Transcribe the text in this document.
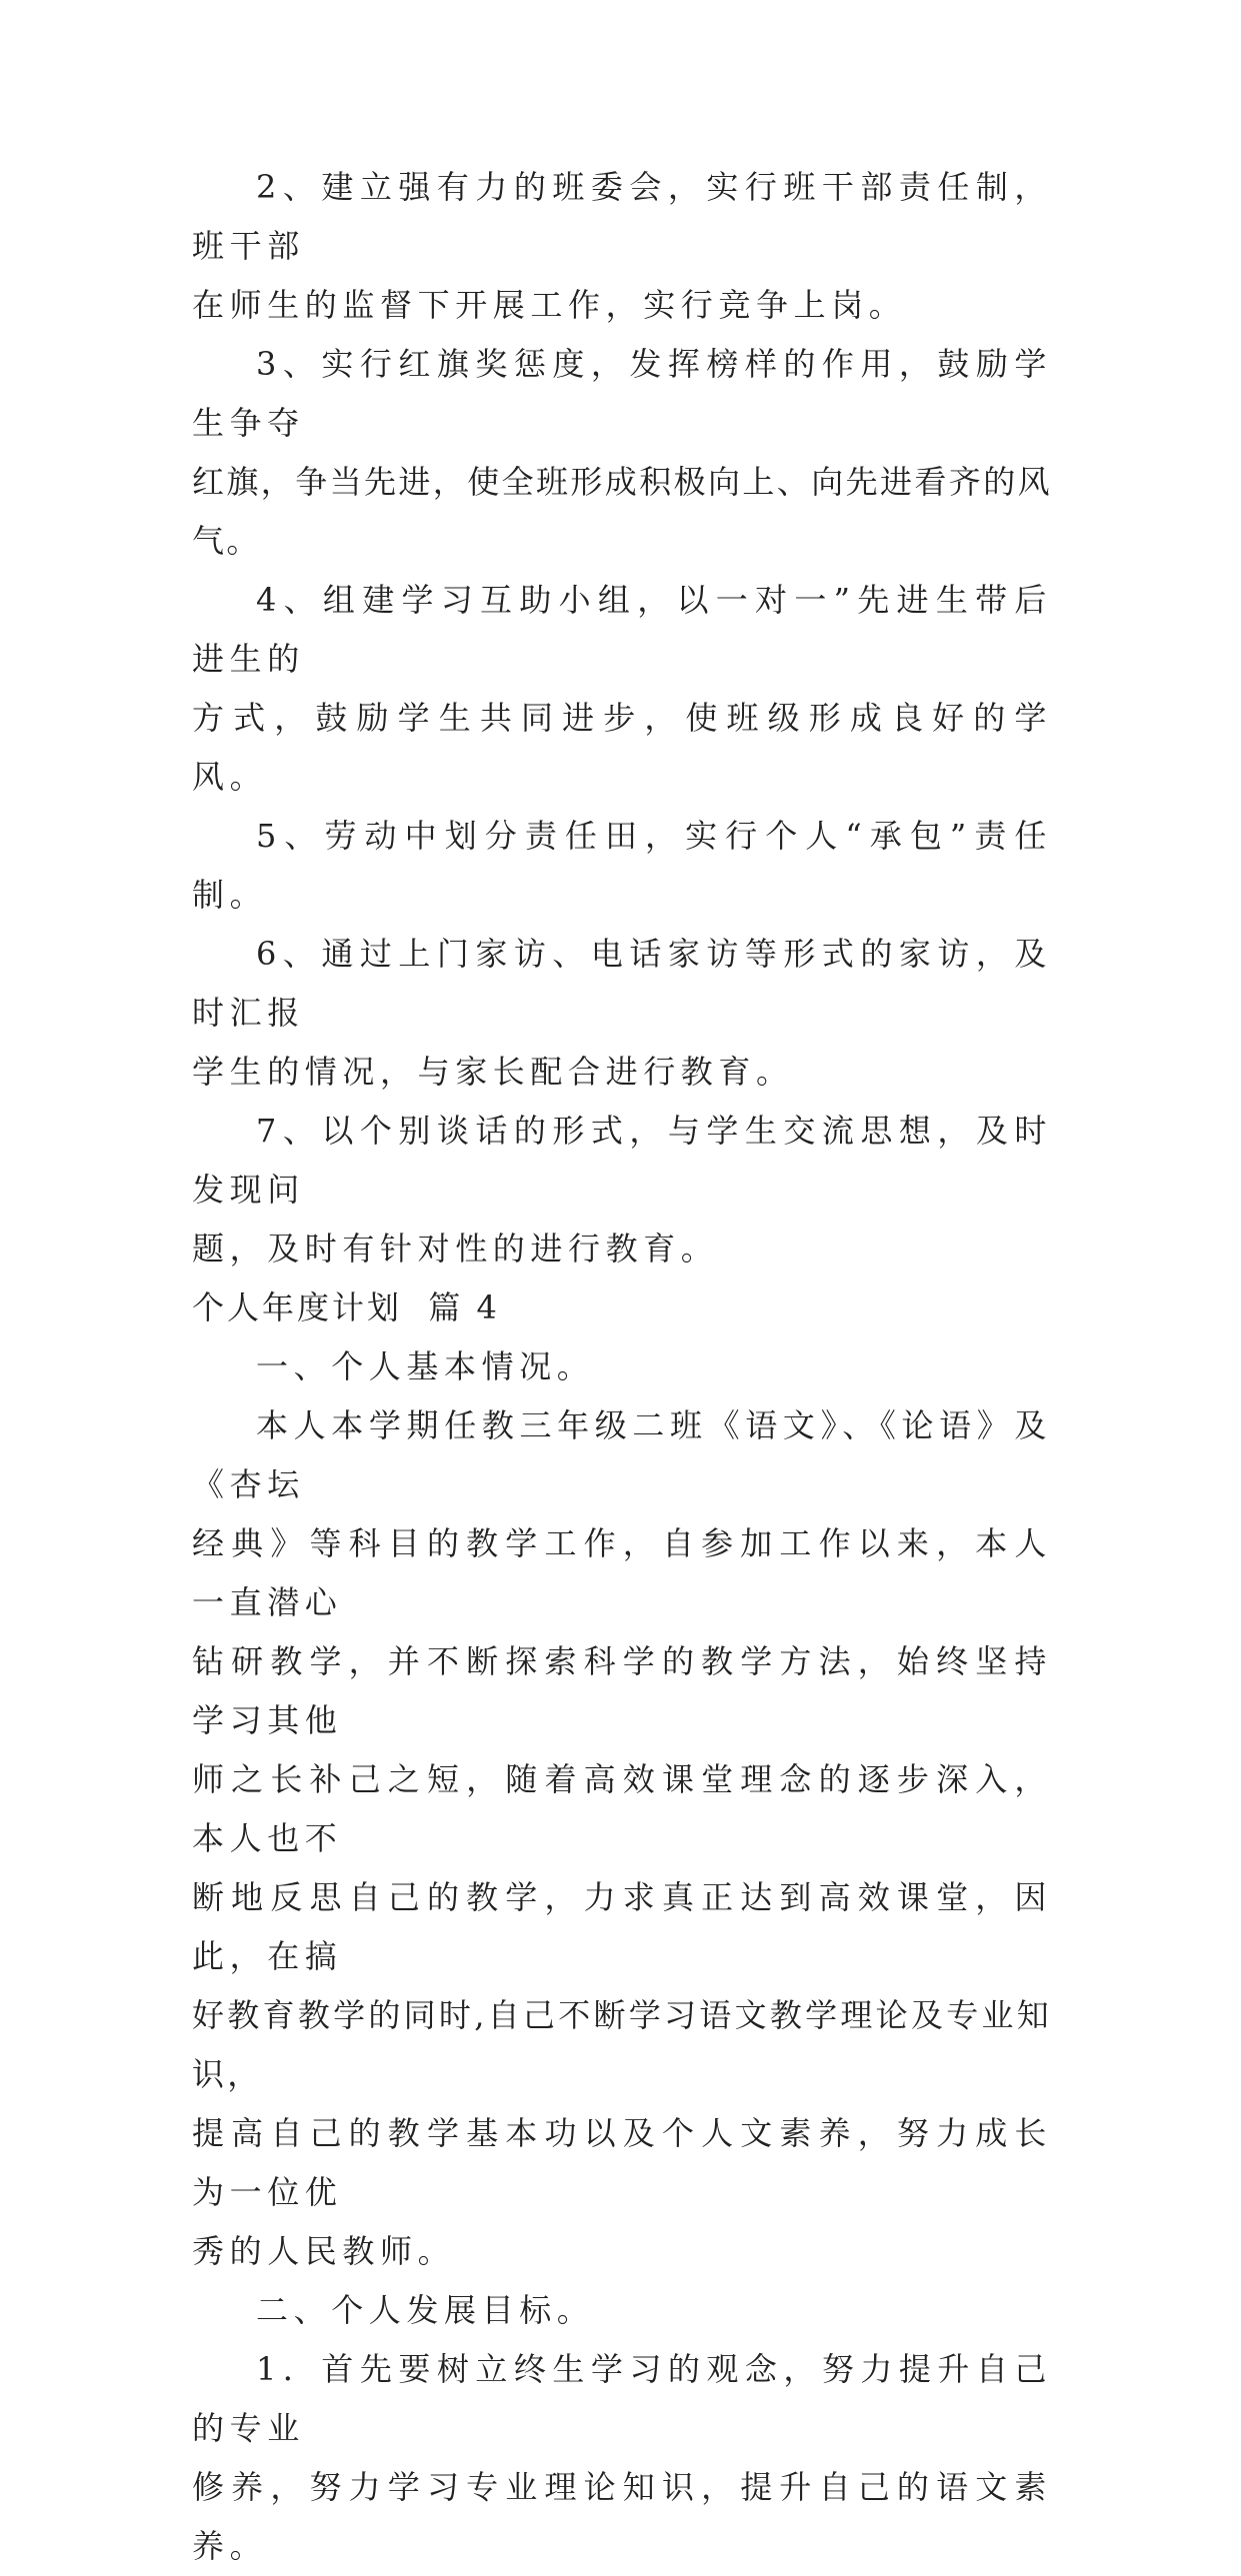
2、建立强有力的班委会，实行班干部责任制，班干部
在师生的监督下开展工作，实行竞争上岗。

3、实行红旗奖惩度，发挥榜样的作用，鼓励学生争夺
红旗，争当先进，使全班形成积极向上、向先进看齐的风气。

4、组建学习互助小组，以一对一”先进生带后进生的
方式，鼓励学生共同进步，使班级形成良好的学风。

5、劳动中划分责任田，实行个人“承包”责任制。

6、通过上门家访、电话家访等形式的家访，及时汇报
学生的情况，与家长配合进行教育。

7、以个别谈话的形式，与学生交流思想，及时发现问
题，及时有针对性的进行教育。

个人年度计划  篇 4

一、个人基本情况。

本人本学期任教三年级二班《语文》、《论语》及《杏坛
经典》等科目的教学工作，自参加工作以来，本人一直潜心
钻研教学，并不断探索科学的教学方法，始终坚持学习其他
师之长补己之短，随着高效课堂理念的逐步深入，本人也不
断地反思自己的教学，力求真正达到高效课堂，因此，在搞
好教育教学的同时,自己不断学习语文教学理论及专业知识，
提高自己的教学基本功以及个人文素养，努力成长为一位优
秀的人民教师。

二、个人发展目标。

1．首先要树立终生学习的观念，努力提升自己的专业
修养，努力学习专业理论知识，提升自己的语文素养。
